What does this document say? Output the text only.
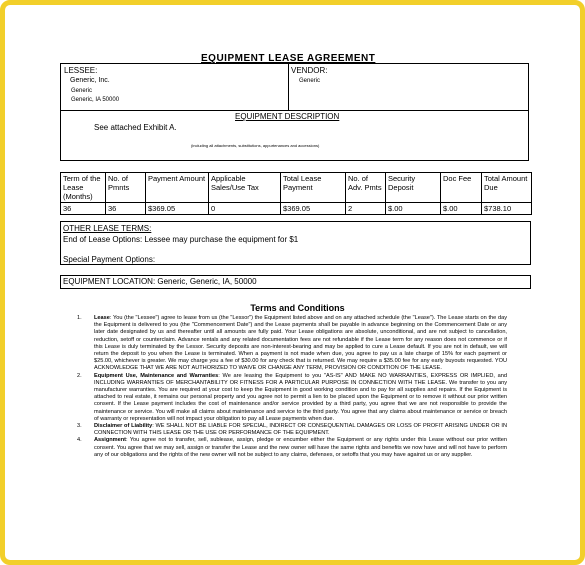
EQUIPMENT LEASE AGREEMENT
LESSEE:
Generic, Inc.
Generic
Generic, IA 50000
VENDOR:
Generic
EQUIPMENT DESCRIPTION
See attached Exhibit A.
(including all attachments, substitutions, appurtenances and accessions)
Term of the Lease (Months)	No. of Pmnts	Payment Amount	Applicable Sales/Use Tax	Total Lease Payment	No. of Adv. Pmts	Security Deposit	Doc Fee	Total Amount Due
36	36	$369.05	0	$369.05	2	$.00	$.00	$738.10
OTHER LEASE TERMS:
End of Lease Options: Lessee may purchase the equipment for $1
Special Payment Options:
EQUIPMENT LOCATION: Generic, Generic, IA, 50000
Terms and Conditions
1.	Lease: You (the "Lessee") agree to lease from us (the "Lessor") the Equipment listed above and on any attached schedule (the "Lease"). The Lease starts on the day the Equipment is delivered to you (the "Commencement Date") and the Lease payments shall be payable in advance beginning on the Commencement Date or any later date designated by us and thereafter until all amounts are fully paid. Your Lease obligations are absolute, unconditional, and are not subject to cancellation, reduction, setoff or counterclaim. Advance rentals and any related documentation fees are not refundable if the Lease term for any reason does not commence or if this Lease is duly terminated by the Lessor. Security deposits are non-interest-bearing and may be applied to cure a Lease default. If you are not in default, we will return the deposit to you when the Lease is terminated. When a payment is not made when due, you agree to pay us a late charge of 15% for each payment or $25.00, whichever is greater. We may charge you a fee of $30.00 for any check that is returned. We may require a $35.00 fee for any early buyouts requested. YOU ACKNOWLEDGE THAT WE ARE NOT AUTHORIZED TO WAIVE OR CHANGE ANY TERM, PROVISION OR CONDITION OF THE LEASE.
2.	Equipment Use, Maintenance and Warranties: We are leasing the Equipment to you "AS-IS" AND MAKE NO WARRANTIES, EXPRESS OR IMPLIED, and INCLUDING WARRANTIES OF MERCHANTABILITY OR FITNESS FOR A PARTICULAR PURPOSE IN CONNECTION WITH THE LEASE. We transfer to you any manufacturer warranties. You are required at your cost to keep the Equipment in good working condition and to pay for all supplies and repairs. If the Equipment is attached to real estate, it remains our personal property and you agree not to permit a lien to be placed upon the Equipment or to remove it without our prior written consent. If the Lease payment includes the cost of maintenance and/or service provided by a third party, you agree that we are not responsible to provide the maintenance or service. You will make all claims about maintenance and service to the third party. You agree that any claims about maintenance or service or breach of warranty or representation will not impact your obligation to pay all Lease payments when due.
3.	Disclaimer of Liability: WE SHALL NOT BE LIABLE FOR SPECIAL, INDIRECT OR CONSEQUENTIAL DAMAGES OR LOSS OF PROFIT ARISING UNDER OR IN CONNECTION WITH THIS LEASE OR THE USE OR PERFORMANCE OF THE EQUIPMENT.
4.	Assignment: You agree not to transfer, sell, sublease, assign, pledge or encumber either the Equipment or any rights under this Lease without our prior written consent. You agree that we may sell, assign or transfer the Lease and the new owner will have the same rights and benefits we now have and will not have to perform any of our obligations and the rights of the new owner will not be subject to any claims, defenses, or setoffs that you may have against us or any supplier.
